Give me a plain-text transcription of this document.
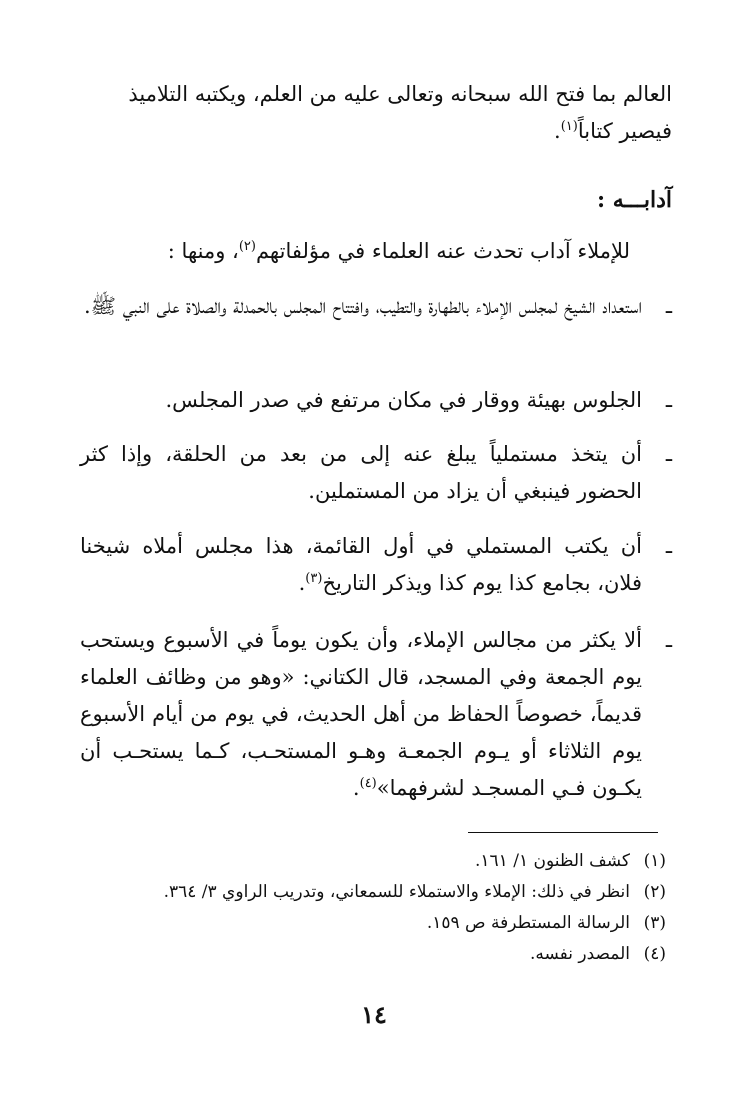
العالم بما فتح الله سبحانه وتعالى عليه من العلم، ويكتبه التلاميذ فيصير كتاباً$^{(١)}$.

آدابـــه :
للإملاء آداب تحدث عنه العلماء في مؤلفاتهم$^{(٢)}$، ومنها :
ـ
استعداد الشيخ لمجلس الإملاء بالطهارة والتطيب، وافتتاح المجلس بالحمدلة والصلاة على النبي ﷺ.
ـ
الجلوس بهيئة ووقار في مكان مرتفع في صدر المجلس.
ـ
أن يتخذ مستملياً يبلغ عنه إلى من بعد من الحلقة، وإذا كثر الحضور فينبغي أن يزاد من المستملين.
ـ
أن يكتب المستملي في أول القائمة، هذا مجلس أملاه شيخنا فلان، بجامع كذا يوم كذا ويذكر التاريخ$^{(٣)}$.
ـ
ألا يكثر من مجالس الإملاء، وأن يكون يوماً في الأسبوع ويستحب يوم الجمعة وفي المسجد، قال الكتاني: «وهو من وظائف العلماء قديماً، خصوصاً الحفاظ من أهل الحديث، في يوم من أيام الأسبوع يوم الثلاثاء أو يـوم الجمعـة وهـو المستحـب، كـما يستحـب أن يكـون فـي المسجـد لشرفهما»$^{(٤)}$.
(١)
كشف الظنون ١/ ١٦١.
(٢)
انظر في ذلك: الإملاء والاستملاء للسمعاني، وتدريب الراوي ٣/ ٣٦٤.
(٣)
الرسالة المستطرفة ص ١٥٩.
(٤)
المصدر نفسه.
١٤
